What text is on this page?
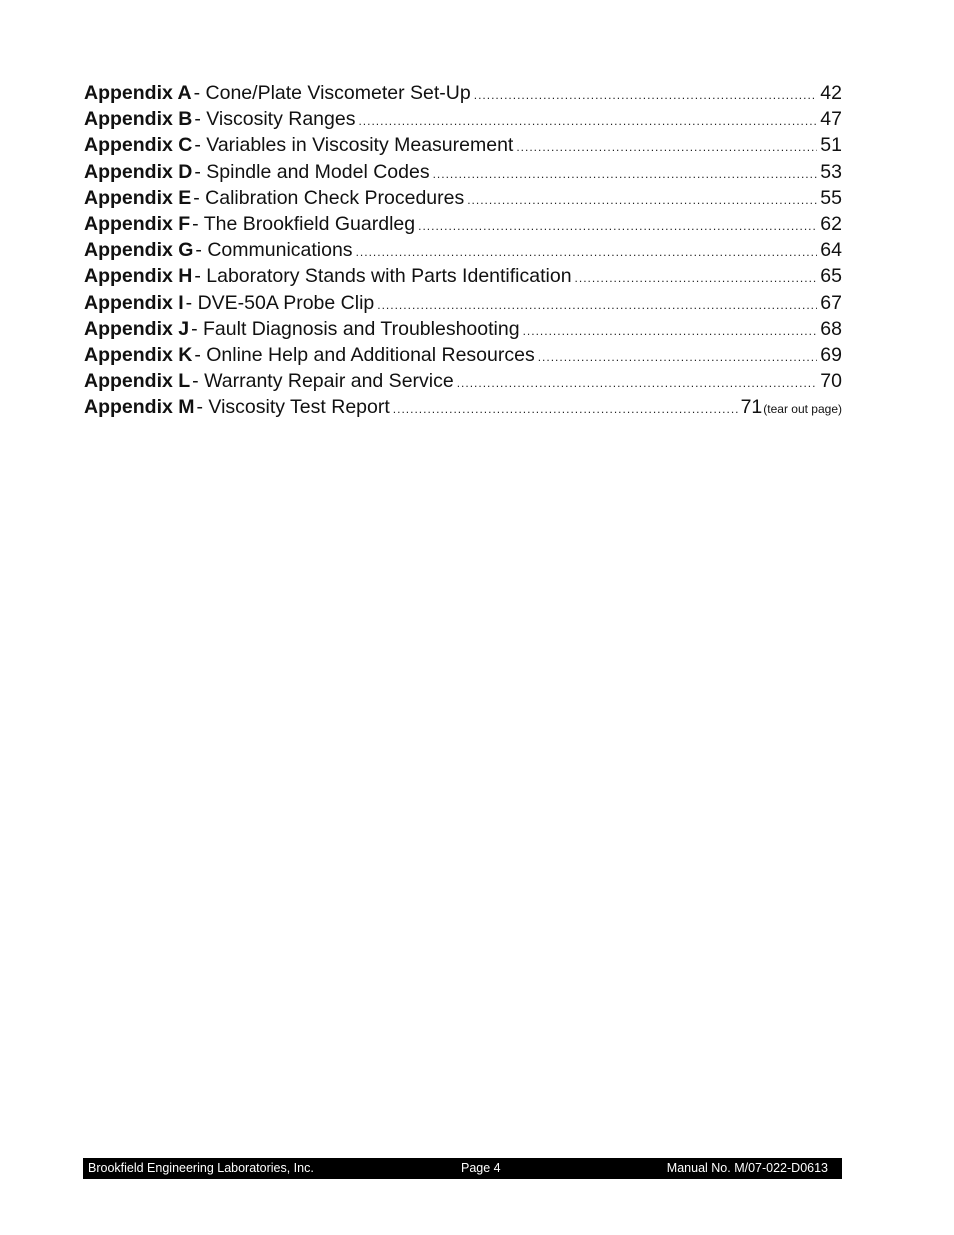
Appendix A - Cone/Plate Viscometer Set-Up .....	42
Appendix B - Viscosity Ranges .....	47
Appendix C - Variables in Viscosity Measurement .....	51
Appendix D - Spindle and Model Codes .....	53
Appendix E - Calibration Check Procedures .....	55
Appendix F - The Brookfield Guardleg .....	62
Appendix G - Communications .....	64
Appendix H - Laboratory Stands with Parts Identification .....	65
Appendix I - DVE-50A Probe Clip .....	67
Appendix J - Fault Diagnosis and Troubleshooting .....	68
Appendix K - Online Help and Additional Resources .....	69
Appendix L - Warranty Repair and Service .....	70
Appendix M - Viscosity Test Report .....	71 (tear out page)
Brookfield Engineering Laboratories, Inc.	Page 4	Manual No. M/07-022-D0613
